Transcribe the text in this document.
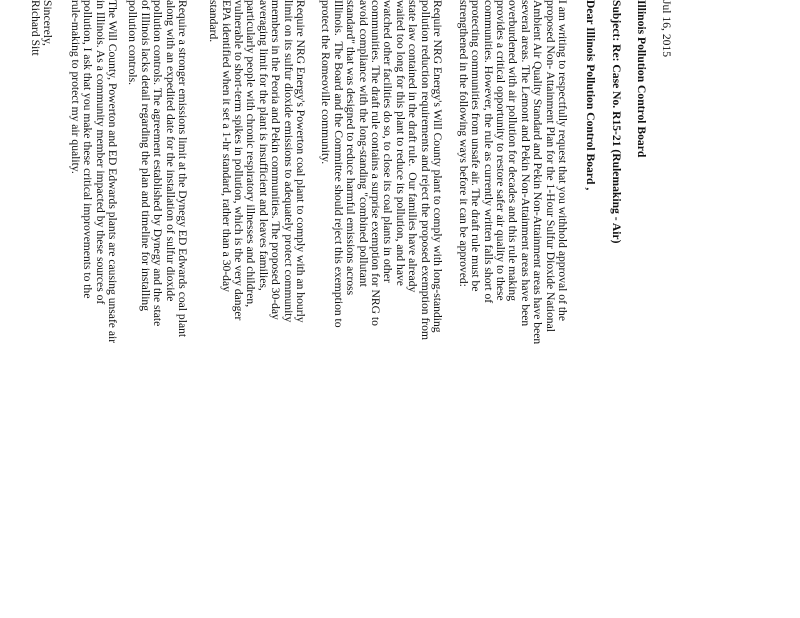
Jul 16, 2015
Illinois Pollution Control Board
Subject: Re: Case No. R15-21 (Rulemaking - Air)
Dear Illinois Pollution Control Board ,
I am writing to respectfully request that you withhold approval of the
proposed Non- Attainment Plan for the 1-Hour Sulfur Dioxide National
Ambient Air Quality Standard and Pekin Non-Attainment areas have been
several areas. The Lemont and Pekin Non-Attainment areas have been
overburdened with air pollution for decades and this rule making
provides a critical opportunity to restore safer air quality to these
communities. However, the rule as currently written falls short of
protecting communities from unsafe air. The draft rule must be
strengthened in the following ways before it can be approved:
Require NRG Energy's Will County plant to comply with long-standing
pollution reduction requirements and reject the proposed exemption from
state law contained in the draft rule.  Our families have already
waited too long for this plant to reduce its pollution, and have
watched other facilities do so, to close its coal plants in other
communities. The draft rule contains a surprise exemption for NRG to
avoid compliance with the long-standing "combined pollutant
standard" that was designed to reduce harmful emissions across
Illinois.  The Board and the Committee should reject this exemption to
protect the Romeoville community.
Require NRG Energy's Powerton coal plant to comply with an hourly
limit on its sulfur dioxide emissions to adequately protect community
members in the Peoria and Pekin communities. The proposed 30-day
averaging limit for the plant is insufficient and leaves families,
particularly people with chronic respiratory illnesses and children,
vulnerable to short-term spikes in pollution, which is the very danger
EPA identified when it set a 1-hr standard, rather than a 30-day
standard.
Require a stronger emissions limit at the Dynegy ED Edwards coal plant
along with an expedited date for the installation of sulfur dioxide
pollution controls. The agreement established by Dynegy and the state
of Illinois lacks detail regarding the plan and timeline for installing
pollution controls.
The Will County, Powerton and ED Edwards plants are causing unsafe air
in Illinois. As a community member impacted by these sources of
pollution, I ask that you make these critical improvements to the
rule-making to protect my air quality.
Sincerely,
Richard Sitt
